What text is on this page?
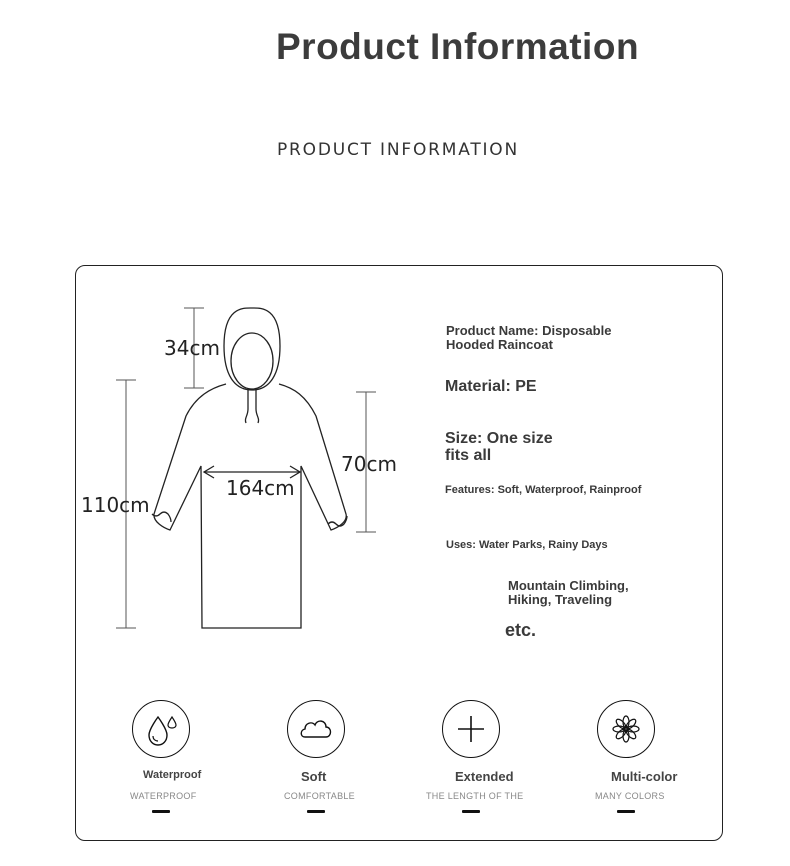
Product Information
PRODUCT INFORMATION
34cm
110cm
164cm
70cm
Product Name: Disposable
Hooded Raincoat
Material: PE
Size: One size
fits all
Features: Soft, Waterproof, Rainproof
Uses: Water Parks, Rainy Days
Mountain Climbing,
Hiking, Traveling
etc.
Waterproof
WATERPROOF
Soft
COMFORTABLE
Extended
THE LENGTH OF THE
Multi-color
MANY COLORS
